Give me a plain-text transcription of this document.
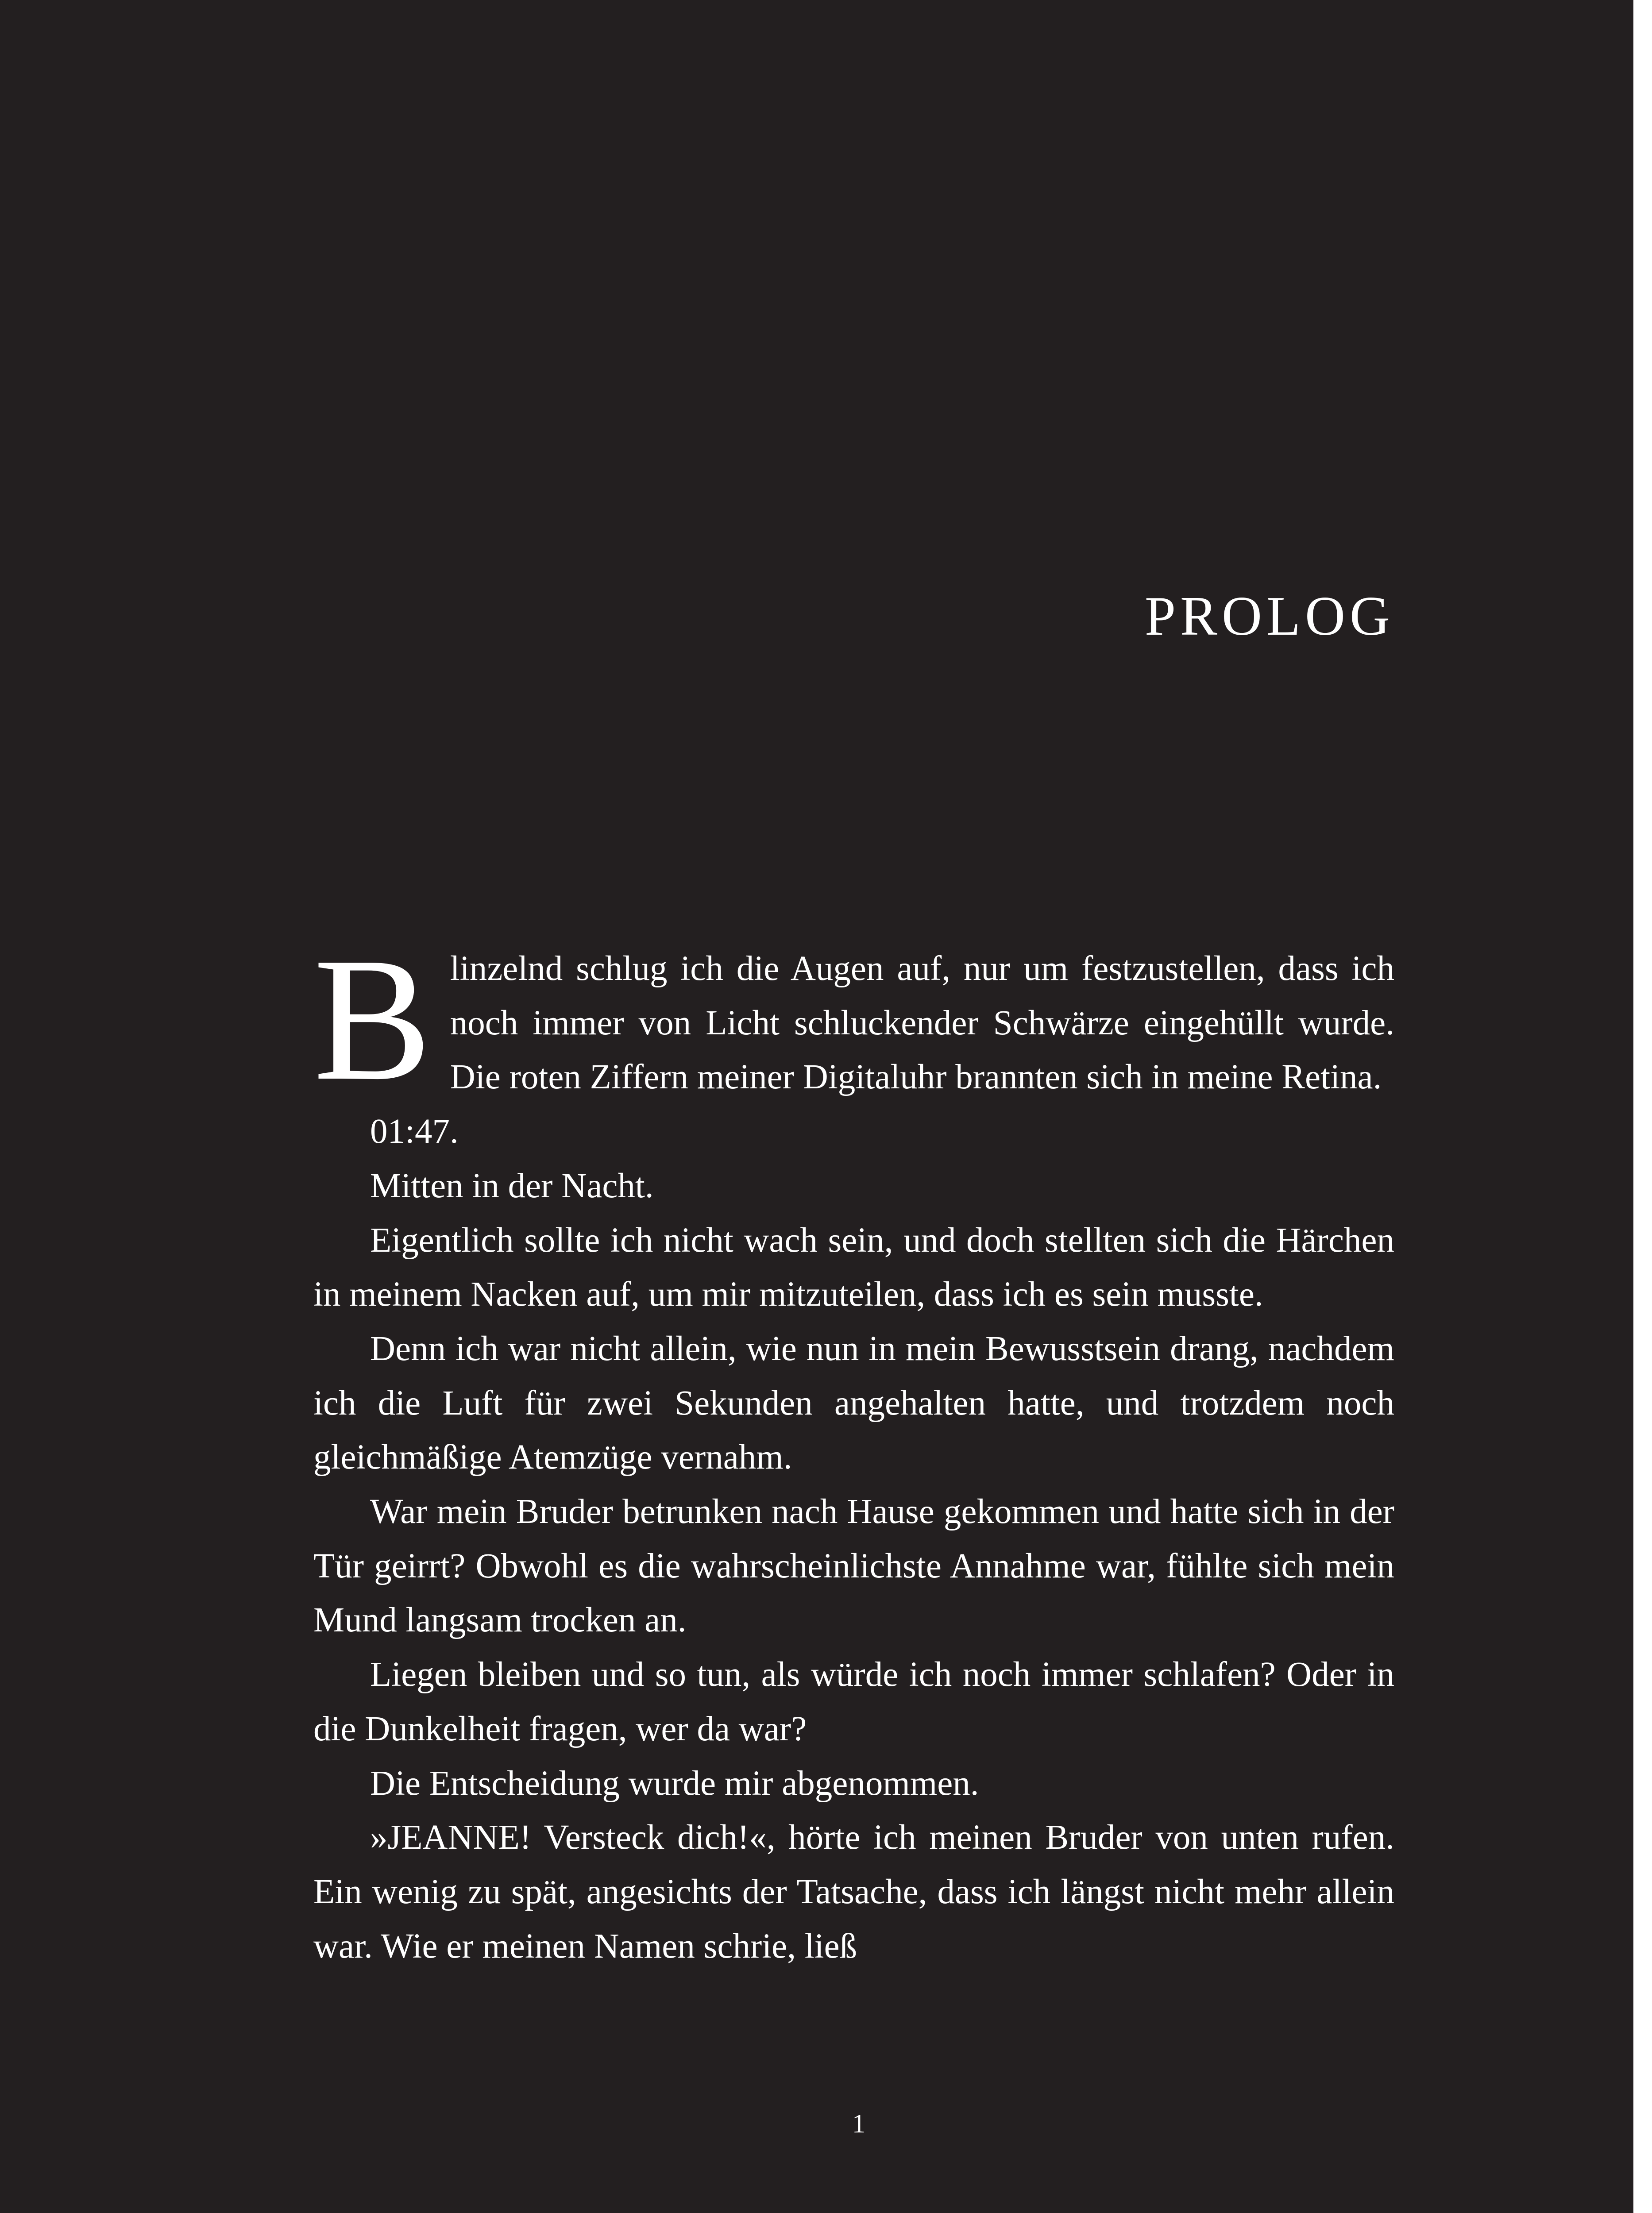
PROLOG

Blinzelnd schlug ich die Augen auf, nur um festzustellen, dass ich noch immer von Licht schluckender Schwärze eingehüllt wurde. Die roten Ziffern meiner Digitaluhr brannten sich in meine Retina.

01:47.

Mitten in der Nacht.

Eigentlich sollte ich nicht wach sein, und doch stellten sich die Härchen in meinem Nacken auf, um mir mitzuteilen, dass ich es sein musste.

Denn ich war nicht allein, wie nun in mein Bewusstsein drang, nachdem ich die Luft für zwei Sekunden angehalten hatte, und trotzdem noch gleichmäßige Atemzüge vernahm.

War mein Bruder betrunken nach Hause gekommen und hatte sich in der Tür geirrt? Obwohl es die wahrscheinlichste Annahme war, fühlte sich mein Mund langsam trocken an.

Liegen bleiben und so tun, als würde ich noch immer schlafen? Oder in die Dunkelheit fragen, wer da war?

Die Entscheidung wurde mir abgenommen.

»JEANNE! Versteck dich!«, hörte ich meinen Bruder von unten rufen. Ein wenig zu spät, angesichts der Tatsache, dass ich längst nicht mehr allein war. Wie er meinen Namen schrie, ließ

1
